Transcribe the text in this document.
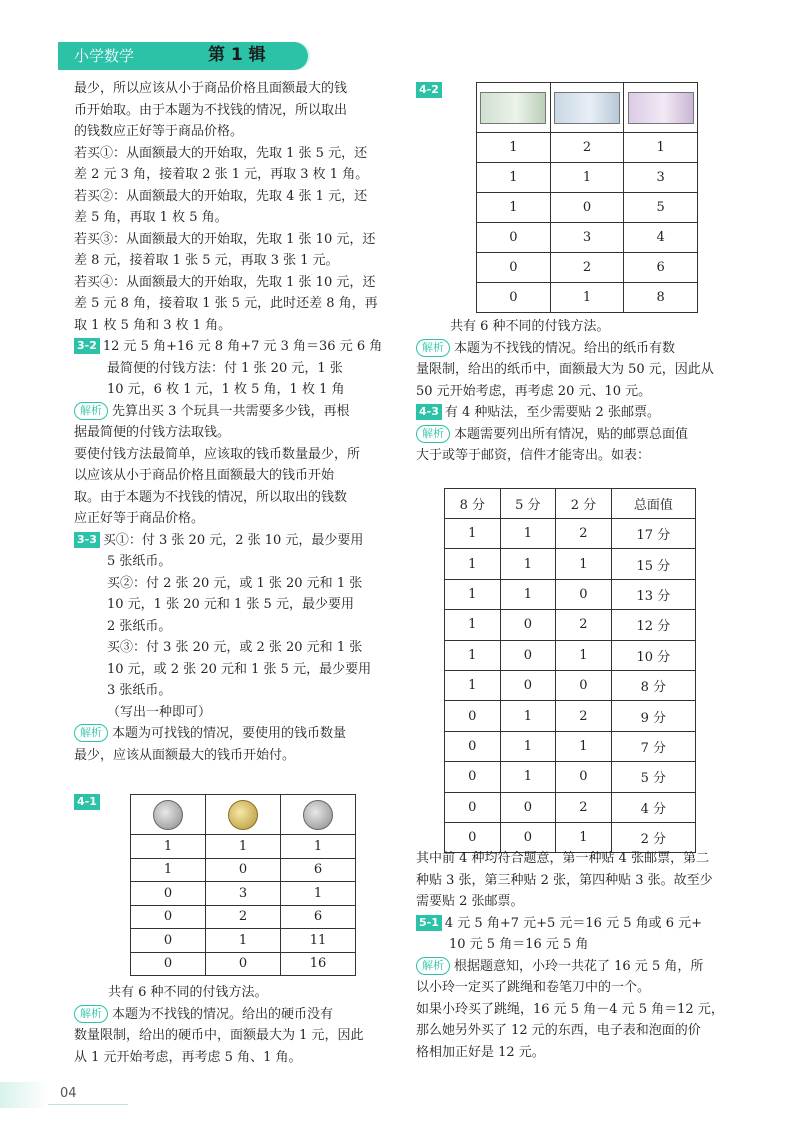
小学数学	第 1 辑

最少，所以应该从小于商品价格且面额最大的钱

币开始取。由于本题为不找钱的情况，所以取出

的钱数应正好等于商品价格。

若买①：从面额最大的开始取，先取 1 张 5 元，还

差 2 元 3 角，接着取 2 张 1 元，再取 3 枚 1 角。

若买②：从面额最大的开始取，先取 4 张 1 元，还

差 5 角，再取 1 枚 5 角。

若买③：从面额最大的开始取，先取 1 张 10 元，还

差 8 元，接着取 1 张 5 元，再取 3 张 1 元。

若买④：从面额最大的开始取，先取 1 张 10 元，还

差 5 元 8 角，接着取 1 张 5 元，此时还差 8 角，再

取 1 枚 5 角和 3 枚 1 角。

3-2 12 元 5 角+16 元 8 角+7 元 3 角＝36 元 6 角

最简便的付钱方法：付 1 张 20 元，1 张

10 元，6 枚 1 元，1 枚 5 角，1 枚 1 角

解析 先算出买 3 个玩具一共需要多少钱，再根

据最简便的付钱方法取钱。

要使付钱方法最简单，应该取的钱币数量最少，所

以应该从小于商品价格且面额最大的钱币开始

取。由于本题为不找钱的情况，所以取出的钱数

应正好等于商品价格。

3-3 买①：付 3 张 20 元，2 张 10 元，最少要用

5 张纸币。

买②：付 2 张 20 元，或 1 张 20 元和 1 张

10 元，1 张 20 元和 1 张 5 元，最少要用

2 张纸币。

买③：付 3 张 20 元，或 2 张 20 元和 1 张

10 元，或 2 张 20 元和 1 张 5 元，最少要用

3 张纸币。

（写出一种即可）

解析 本题为可找钱的情况，要使用的钱币数量

最少，应该从面额最大的钱币开始付。

4-1

1	1	1
1	0	6
0	3	1
0	2	6
0	1	11
0	0	16

共有 6 种不同的付钱方法。

解析 本题为不找钱的情况。给出的硬币没有

数量限制，给出的硬币中，面额最大为 1 元，因此

从 1 元开始考虑，再考虑 5 角、1 角。

4-2

1	2	1
1	1	3
1	0	5
0	3	4
0	2	6
0	1	8

共有 6 种不同的付钱方法。

解析 本题为不找钱的情况。给出的纸币有数

量限制，给出的纸币中，面额最大为 50 元，因此从

50 元开始考虑，再考虑 20 元、10 元。

4-3 有 4 种贴法，至少需要贴 2 张邮票。

解析 本题需要列出所有情况，贴的邮票总面值

大于或等于邮资，信件才能寄出。如表：

8 分	5 分	2 分	总面值
1	1	2	17 分
1	1	1	15 分
1	1	0	13 分
1	0	2	12 分
1	0	1	10 分
1	0	0	8 分
0	1	2	9 分
0	1	1	7 分
0	1	0	5 分
0	0	2	4 分
0	0	1	2 分

其中前 4 种均符合题意，第一种贴 4 张邮票，第二

种贴 3 张，第三种贴 2 张，第四种贴 3 张。故至少

需要贴 2 张邮票。

5-1 4 元 5 角+7 元+5 元＝16 元 5 角或 6 元+

10 元 5 角＝16 元 5 角

解析 根据题意知，小玲一共花了 16 元 5 角，所

以小玲一定买了跳绳和卷笔刀中的一个。

如果小玲买了跳绳，16 元 5 角－4 元 5 角＝12 元，

那么她另外买了 12 元的东西，电子表和泡面的价

格相加正好是 12 元。

04
